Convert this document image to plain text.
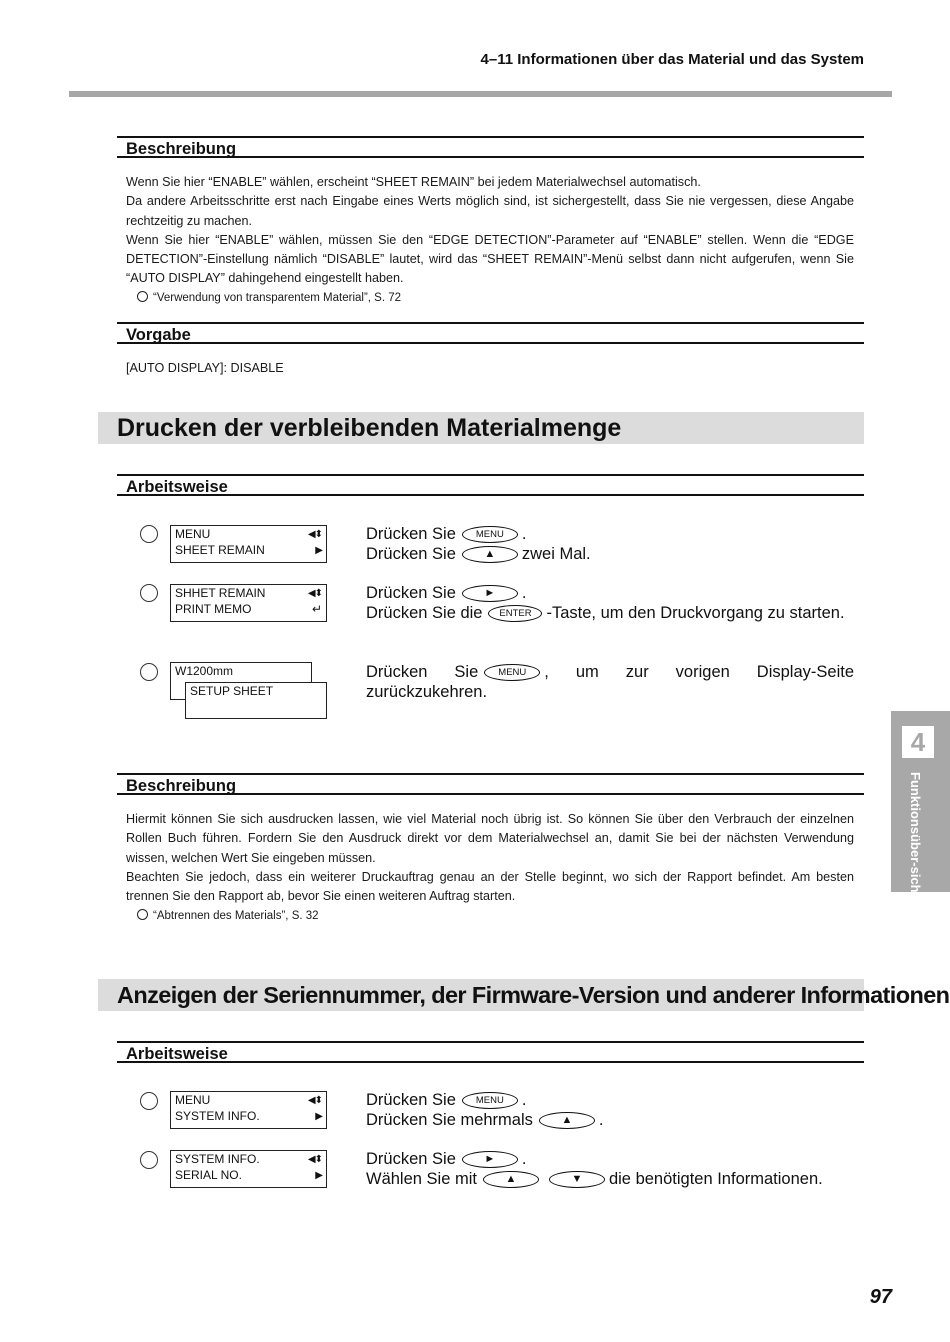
4–11 Informationen über das Material und das System
Beschreibung
Wenn Sie hier “ENABLE” wählen, erscheint “SHEET REMAIN” bei jedem Materialwechsel automatisch.
Da andere Arbeitsschritte erst nach Eingabe eines Werts möglich sind, ist sichergestellt, dass Sie nie vergessen, diese Angabe rechtzeitig zu machen.
Wenn Sie hier “ENABLE” wählen, müssen Sie den “EDGE DETECTION”-Parameter auf “ENABLE” stellen. Wenn die “EDGE DETECTION”-Einstellung nämlich “DISABLE” lautet, wird das “SHEET REMAIN”-Menü selbst dann nicht aufgerufen, wenn Sie “AUTO DISPLAY” dahingehend eingestellt haben.
“Verwendung von transparentem Material”, S. 72
Vorgabe
[AUTO DISPLAY]: DISABLE
Drucken der verbleibenden Materialmenge
Arbeitsweise
MENU	◀⬍
SHEET REMAIN	▶
Drücken Sie MENU .
Drücken Sie	▲ zwei Mal.
SHHET REMAIN	◀⬍
PRINT MEMO	↵
Drücken Sie	► .
Drücken Sie die ENTER -Taste, um den Druckvorgang zu starten.
W1200mm
SETUP SHEET
Drücken Sie MENU , um zur vorigen Display-Seite zurückzukehren.
Beschreibung
Hiermit können Sie sich ausdrucken lassen, wie viel Material noch übrig ist. So können Sie über den Verbrauch der einzelnen Rollen Buch führen. Fordern Sie den Ausdruck direkt vor dem Materialwechsel an, damit Sie bei der nächsten Verwendung wissen, welchen Wert Sie eingeben müssen.
Beachten Sie jedoch, dass ein weiterer Druckauftrag genau an der Stelle beginnt, wo sich der Rapport befindet. Am besten trennen Sie den Rapport ab, bevor Sie einen weiteren Auftrag starten.
“Abtrennen des Materials”, S. 32
Anzeigen der Seriennummer, der Firmware-Version und anderer Informationen
Arbeitsweise
MENU	◀⬍
SYSTEM INFO.	▶
Drücken Sie MENU .
Drücken Sie mehrmals	▲ .
SYSTEM INFO.	◀⬍
SERIAL NO.	▶
Drücken Sie	► .
Wählen Sie mit	▲	▼ die benötigten Informationen.
4
97
